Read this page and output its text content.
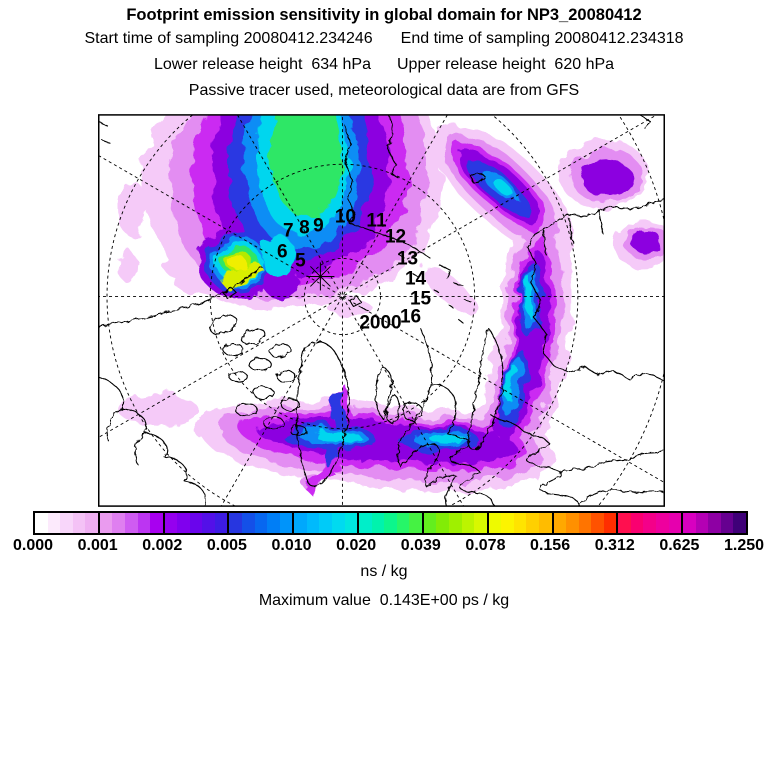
Footprint emission sensitivity in global domain for NP3_20080412
Start time of sampling 20080412.234246 End time of sampling 20080412.234318
Lower release height  634 hPa Upper release height  620 hPa
Passive tracer used, meteorological data are from GFS
5
6
7 8 9 10 11
12
13
14
15
16
2000
0.000 0.001 0.002 0.005 0.010 0.020 0.039 0.078 0.156 0.312 0.625 1.250
ns / kg
Maximum value  0.143E+00 ps / kg
